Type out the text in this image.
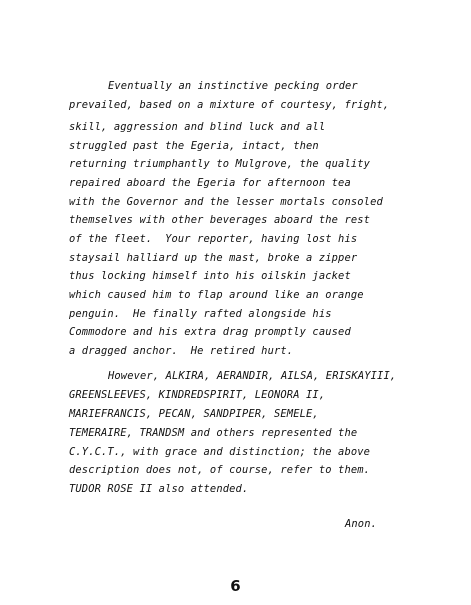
Eventually an instinctive pecking order
prevailed, based on a mixture of courtesy, fright,
skill, aggression and blind luck and all
struggled past the Egeria, intact, then
returning triumphantly to Mulgrove, the quality
repaired aboard the Egeria for afternoon tea
with the Governor and the lesser mortals consoled
themselves with other beverages aboard the rest
of the fleet.  Your reporter, having lost his
staysail halliard up the mast, broke a zipper
thus locking himself into his oilskin jacket
which caused him to flap around like an orange
penguin.  He finally rafted alongside his
Commodore and his extra drag promptly caused
a dragged anchor.  He retired hurt.
However, ALKIRA, AERANDIR, AILSA, ERISKAYIII,
GREENSLEEVES, KINDREDSPIRIT, LEONORA II,
MARIEFRANCIS, PECAN, SANDPIPER, SEMELE,
TEMERAIRE, TRANDSM and others represented the
C.Y.C.T., with grace and distinction; the above
description does not, of course, refer to them.
TUDOR ROSE II also attended.
Anon.
6
